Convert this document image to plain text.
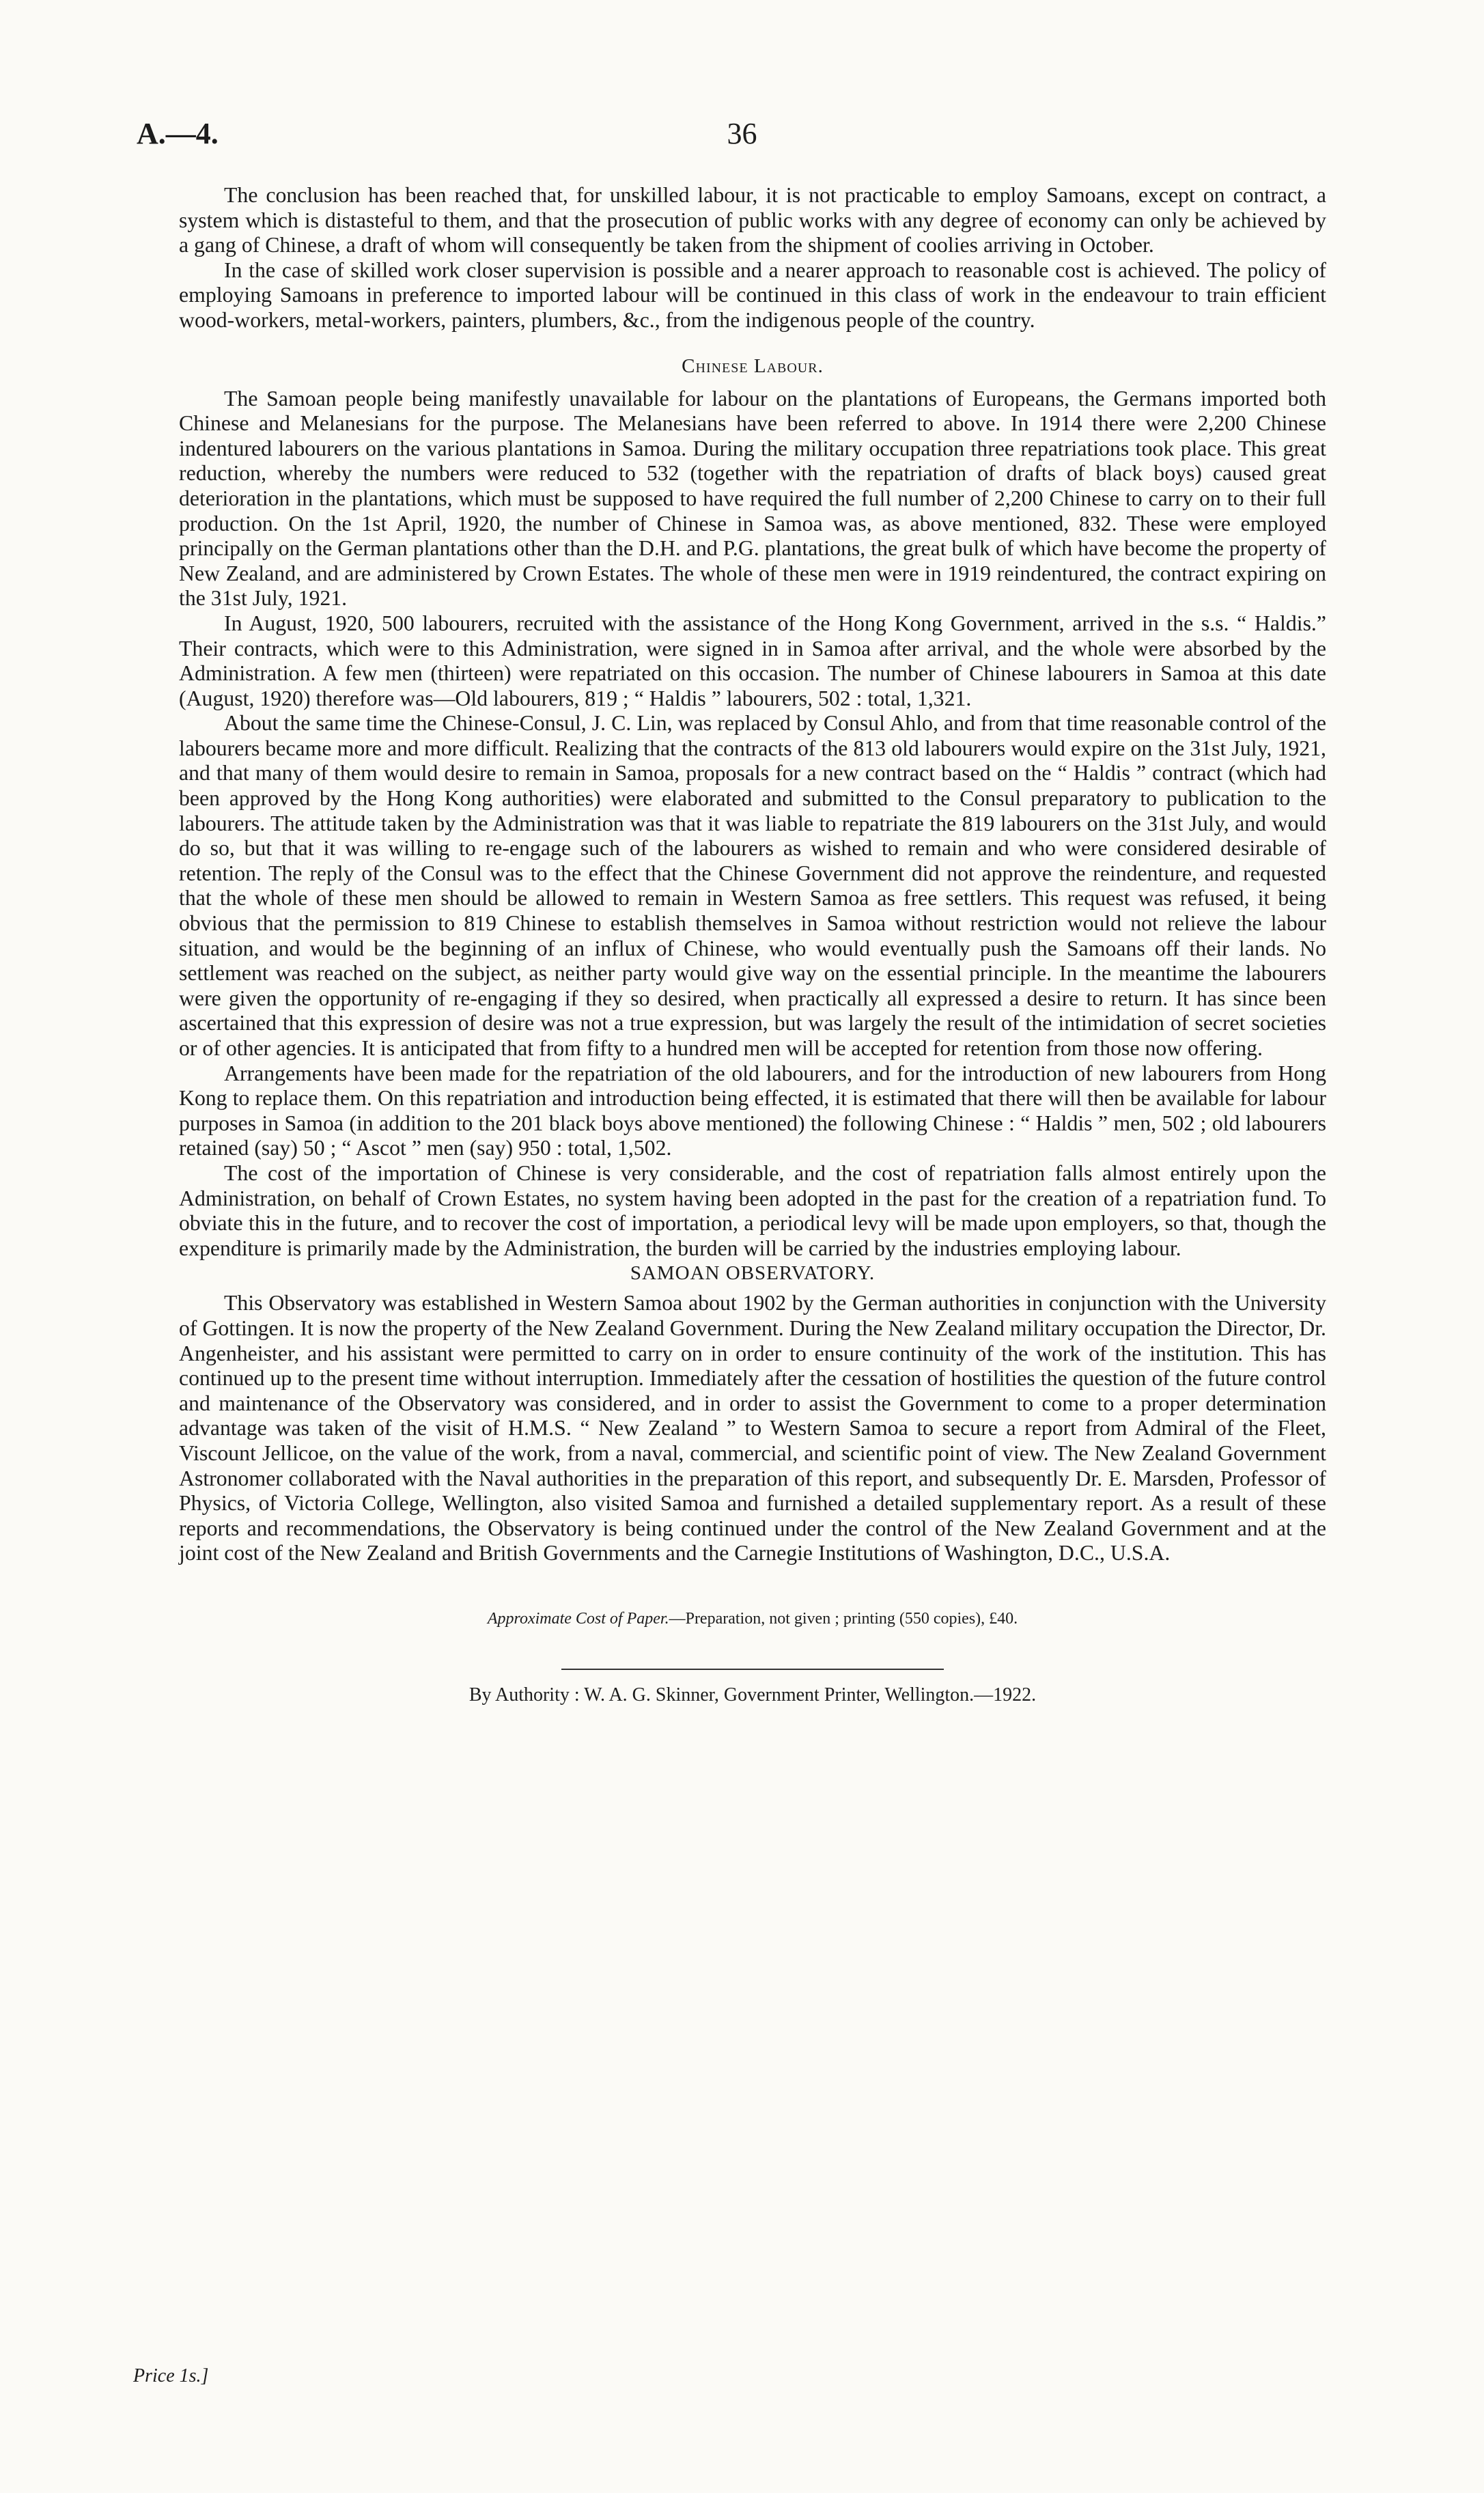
A.—4.	36

The conclusion has been reached that, for unskilled labour, it is not practicable to employ Samoans, except on contract, a system which is distasteful to them, and that the prosecution of public works with any degree of economy can only be achieved by a gang of Chinese, a draft of whom will consequently be taken from the shipment of coolies arriving in October.

In the case of skilled work closer supervision is possible and a nearer approach to reasonable cost is achieved. The policy of employing Samoans in preference to imported labour will be continued in this class of work in the endeavour to train efficient wood-workers, metal-workers, painters, plumbers, &c., from the indigenous people of the country.

Chinese Labour.

The Samoan people being manifestly unavailable for labour on the plantations of Europeans, the Germans imported both Chinese and Melanesians for the purpose. The Melanesians have been referred to above. In 1914 there were 2,200 Chinese indentured labourers on the various plantations in Samoa. During the military occupation three repatriations took place. This great reduction, whereby the numbers were reduced to 532 (together with the repatriation of drafts of black boys) caused great deterioration in the plantations, which must be supposed to have required the full number of 2,200 Chinese to carry on to their full production. On the 1st April, 1920, the number of Chinese in Samoa was, as above mentioned, 832. These were employed principally on the German plantations other than the D.H. and P.G. plantations, the great bulk of which have become the property of New Zealand, and are administered by Crown Estates. The whole of these men were in 1919 reindentured, the contract expiring on the 31st July, 1921.

In August, 1920, 500 labourers, recruited with the assistance of the Hong Kong Government, arrived in the s.s. “ Haldis.” Their contracts, which were to this Administration, were signed in in Samoa after arrival, and the whole were absorbed by the Administration. A few men (thirteen) were repatriated on this occasion. The number of Chinese labourers in Samoa at this date (August, 1920) therefore was—Old labourers, 819 ; “ Haldis ” labourers, 502 : total, 1,321.

About the same time the Chinese-Consul, J. C. Lin, was replaced by Consul Ahlo, and from that time reasonable control of the labourers became more and more difficult. Realizing that the contracts of the 813 old labourers would expire on the 31st July, 1921, and that many of them would desire to remain in Samoa, proposals for a new contract based on the “ Haldis ” contract (which had been approved by the Hong Kong authorities) were elaborated and submitted to the Consul preparatory to publication to the labourers. The attitude taken by the Administration was that it was liable to repatriate the 819 labourers on the 31st July, and would do so, but that it was willing to re-engage such of the labourers as wished to remain and who were considered desirable of retention. The reply of the Consul was to the effect that the Chinese Government did not approve the reindenture, and requested that the whole of these men should be allowed to remain in Western Samoa as free settlers. This request was refused, it being obvious that the permission to 819 Chinese to establish themselves in Samoa without restriction would not relieve the labour situation, and would be the beginning of an influx of Chinese, who would eventually push the Samoans off their lands. No settlement was reached on the subject, as neither party would give way on the essential principle. In the meantime the labourers were given the opportunity of re-engaging if they so desired, when practically all expressed a desire to return. It has since been ascertained that this expression of desire was not a true expression, but was largely the result of the intimidation of secret societies or of other agencies. It is anticipated that from fifty to a hundred men will be accepted for retention from those now offering.

Arrangements have been made for the repatriation of the old labourers, and for the introduction of new labourers from Hong Kong to replace them. On this repatriation and introduction being effected, it is estimated that there will then be available for labour purposes in Samoa (in addition to the 201 black boys above mentioned) the following Chinese : “ Haldis ” men, 502 ; old labourers retained (say) 50 ; “ Ascot ” men (say) 950 : total, 1,502.

The cost of the importation of Chinese is very considerable, and the cost of repatriation falls almost entirely upon the Administration, on behalf of Crown Estates, no system having been adopted in the past for the creation of a repatriation fund. To obviate this in the future, and to recover the cost of importation, a periodical levy will be made upon employers, so that, though the expenditure is primarily made by the Administration, the burden will be carried by the industries employing labour.

SAMOAN OBSERVATORY.

This Observatory was established in Western Samoa about 1902 by the German authorities in conjunction with the University of Gottingen. It is now the property of the New Zealand Government. During the New Zealand military occupation the Director, Dr. Angenheister, and his assistant were permitted to carry on in order to ensure continuity of the work of the institution. This has continued up to the present time without interruption. Immediately after the cessation of hostilities the question of the future control and maintenance of the Observatory was considered, and in order to assist the Government to come to a proper determination advantage was taken of the visit of H.M.S. “ New Zealand ” to Western Samoa to secure a report from Admiral of the Fleet, Viscount Jellicoe, on the value of the work, from a naval, commercial, and scientific point of view. The New Zealand Government Astronomer collaborated with the Naval authorities in the preparation of this report, and subsequently Dr. E. Marsden, Professor of Physics, of Victoria College, Wellington, also visited Samoa and furnished a detailed supplementary report. As a result of these reports and recommendations, the Observatory is being continued under the control of the New Zealand Government and at the joint cost of the New Zealand and British Governments and the Carnegie Institutions of Washington, D.C., U.S.A.

Approximate Cost of Paper.—Preparation, not given ; printing (550 copies), £40.
By Authority : W. A. G. Skinner, Government Printer, Wellington.—1922.
Price 1s.]
